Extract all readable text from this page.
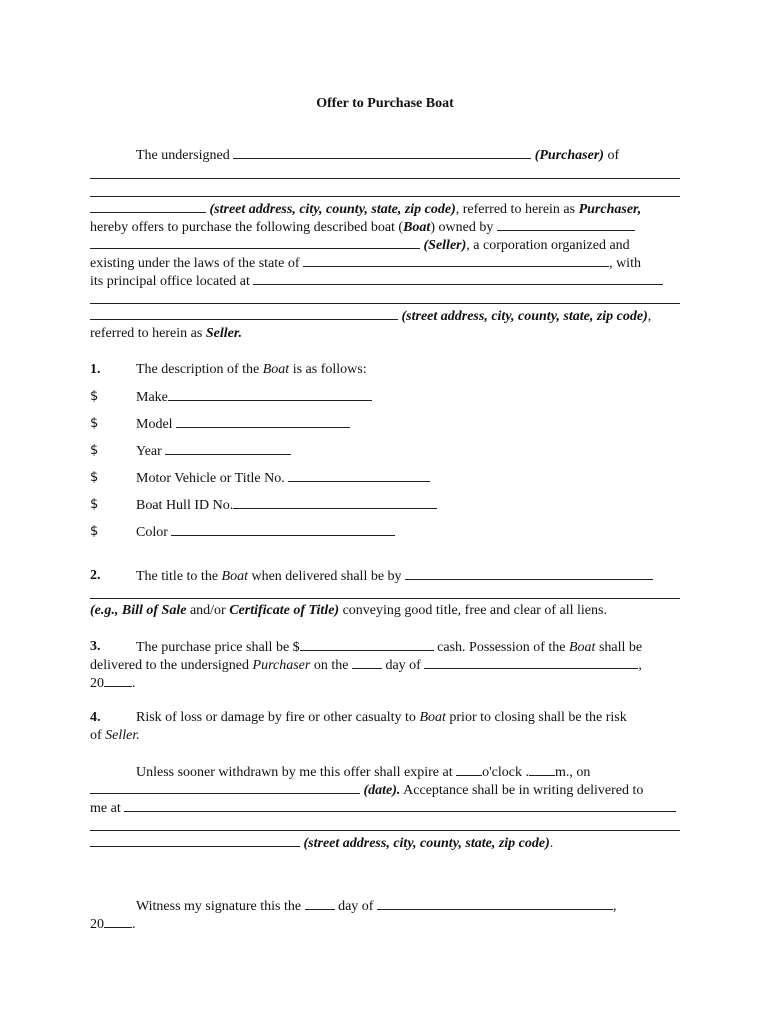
Offer to Purchase Boat
The undersigned	(Purchaser) of
(street address, city, county, state, zip code), referred to herein as Purchaser,
hereby offers to purchase the following described boat (Boat) owned by
(Seller), a corporation organized and
existing under the laws of the state of	, with
its principal office located at
(street address, city, county, state, zip code),
referred to herein as Seller.
1.	The description of the Boat is as follows:
$	Make
$	Model
$	Year
$	Motor Vehicle or Title No.
$	Boat Hull ID No.
$	Color
2.	The title to the Boat when delivered shall be by
(e.g., Bill of Sale and/or Certificate of Title) conveying good title, free and clear of all liens.
3.	The purchase price shall be $	cash. Possession of the Boat shall be
delivered to the undersigned Purchaser on the	day of	,
20 .
4.	Risk of loss or damage by fire or other casualty to Boat prior to closing shall be the risk
of Seller.
Unless sooner withdrawn by me this offer shall expire at o'clock . m., on
(date). Acceptance shall be in writing delivered to
me at
(street address, city, county, state, zip code).
Witness my signature this the	day of	,
20 .
